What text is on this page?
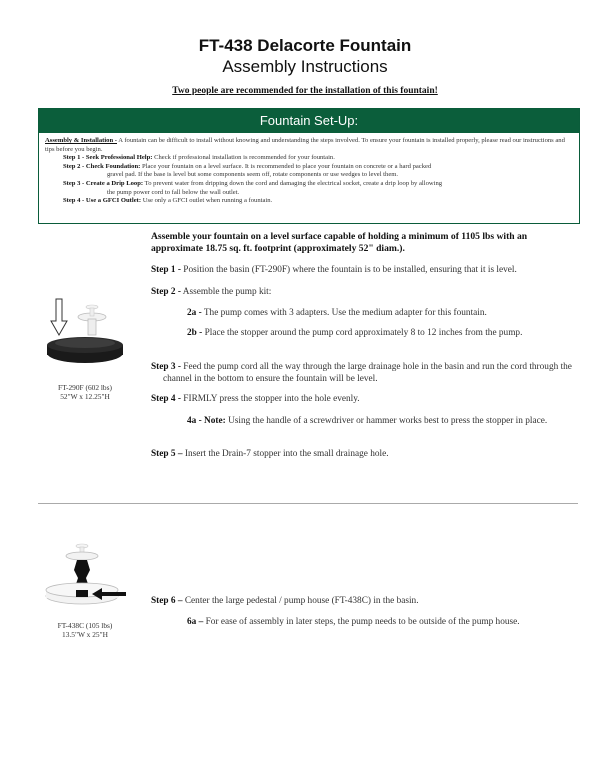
FT-438 Delacorte Fountain
Assembly Instructions
Two people are recommended for the installation of this fountain!
Fountain Set-Up:
Assembly & Installation - A fountain can be difficult to install without knowing and understanding the steps involved. To ensure your fountain is installed properly, please read our instructions and tips before you begin.
Step 1 - Seek Professional Help: Check if professional installation is recommended for your fountain.
Step 2 - Check Foundation: Place your fountain on a level surface. It is recommended to place your fountain on concrete or a hard packed
gravel pad. If the base is level but some components seem off, rotate components or use wedges to level them.
Step 3 - Create a Drip Loop: To prevent water from dripping down the cord and damaging the electrical socket, create a drip loop by allowing
the pump power cord to fall below the wall outlet.
Step 4 - Use a GFCI Outlet: Use only a GFCI outlet when running a fountain.
Assemble your fountain on a level surface capable of holding a minimum of 1105 lbs with an approximate 18.75 sq. ft. footprint (approximately 52" diam.).
Step 1 - Position the basin (FT-290F) where the fountain is to be installed, ensuring that it is level.
Step 2 - Assemble the pump kit:
2a - The pump comes with 3 adapters. Use the medium adapter for this fountain.
2b - Place the stopper around the pump cord approximately 8 to 12 inches from the pump.
Step 3 - Feed the pump cord all the way through the large drainage hole in the basin and run the cord through the channel in the bottom to ensure the fountain will be level.
Step 4 - FIRMLY press the stopper into the hole evenly.
4a - Note: Using the handle of a screwdriver or hammer works best to press the stopper in place.
Step 5 – Insert the Drain-7 stopper into the small drainage hole.
FT-290F (602 lbs)
52"W x 12.25"H
FT-438C (105 lbs)
13.5"W x 25"H
Step 6 – Center the large pedestal / pump house (FT-438C) in the basin.
6a – For ease of assembly in later steps, the pump needs to be outside of the pump house.
